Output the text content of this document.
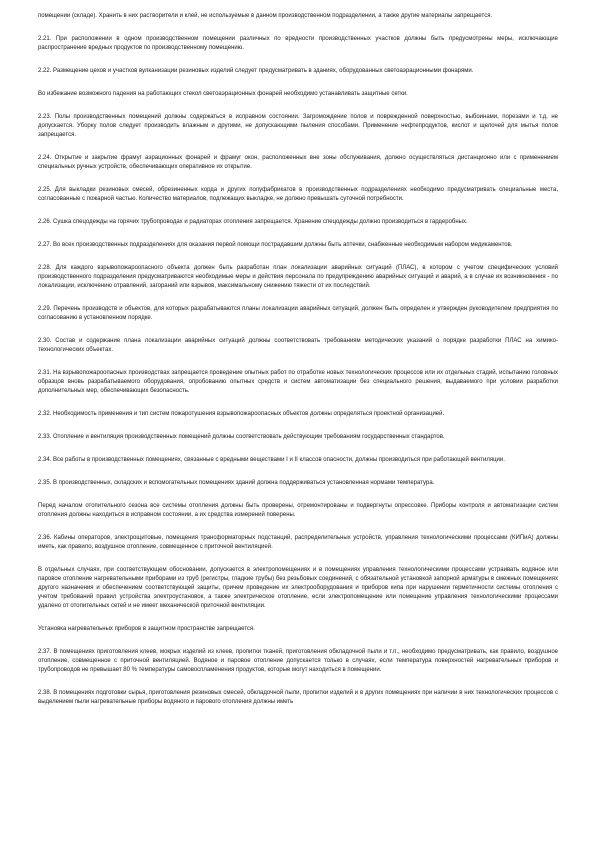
помещении (складе). Хранить в них растворители и клей, не используемые в данном производственном подразделении, а также другие материалы запрещается.

2.21. При расположении в одном производственном помещении различных по вредности производственных участков должны быть предусмотрены меры, исключающие распространение вредных продуктов по производственному помещению.

2.22. Размещение цехов и участков вулканизации резиновых изделий следует предусматривать в зданиях, оборудованных светоаэрационными фонарями.

Во избежание возможного падения на работающих стекол светоаэрационных фонарей необходимо устанавливать защитные сетки.

2.23. Полы производственных помещений должны содержаться в исправном состоянии. Загромождение полов и поврежденной поверхностью, выбоинами, порезами и т.д. не допускается. Уборку полов следует производить влажным и другими, не допускающими пыления способами. Применение нефтепродуктов, кислот и щелочей для мытья полов запрещается.

2.24. Открытие и закрытие фрамуг аэрационных фонарей и фрамуг окон, расположенных вне зоны обслуживания, должно осуществляться дистанционно или с применением специальных ручных устройств, обеспечивающих оперативное их открытие.

2.25. Для выкладки резиновых смесей, обрезиненных корда и других полуфабрикатов в производственных подразделениях необходимо предусматривать специальные места, согласованные с пожарной частью. Количество материалов, подлежащих выкладке, не должно превышать суточной потребности.

2.26. Сушка спецодежды на горячих трубопроводах и радиаторах отопления запрещается. Хранение спецодежды должно производиться в гардеробных.

2.27. Во всех производственных подразделениях для оказания первой помощи пострадавшим должны быть аптечки, снабженные необходимым набором медикаментов.

2.28. Для каждого взрывопожароопасного объекта должен быть разработан план локализации аварийных ситуаций (ПЛАС), в котором с учетом специфических условий производственного подразделения предусматриваются необходимые меры и действия персонала по предупреждению аварийных ситуаций и аварий, а в случае их возникновения - по локализации, исключению отравлений, загораний или взрывов, максимальному снижению тяжести от их последствий.

2.29. Перечень производств и объектов, для которых разрабатываются планы локализации аварийных ситуаций, должен быть определен и утвержден руководителем предприятия по согласованию в установленном порядке.

2.30. Состав и содержание плана локализации аварийных ситуаций должны соответствовать требованиям методических указаний о порядке разработки ПЛАС на химико-технологических объектах.

2.31. На взрывопожароопасных производствах запрещается проведение опытных работ по отработке новых технологических процессов или их отдельных стадий, испытанию головных образцов вновь разрабатываемого оборудования, опробованию опытных средств и систем автоматизации без специального решения, выдаваемого при условии разработки дополнительных мер, обеспечивающих безопасность.

2.32. Необходимость применения и тип систем пожаротушения взрывопожароопасных объектов должны определяться проектной организацией.

2.33. Отопление и вентиляция производственных помещений должны соответствовать действующим требованиям государственных стандартов.

2.34. Все работы в производственных помещениях, связанные с вредными веществами I и II классов опасности, должны производиться при работающей вентиляции.

2.35. В производственных, складских и вспомогательных помещениях зданий должна поддерживаться установленная нормами температура.

Перед началом отопительного сезона все системы отопления должны быть проверены, отремонтированы и подвергнуты опрессовке. Приборы контроля и автоматизации систем отопления должны находиться в исправном состоянии, а их средства измерений поверены.

2.36. Кабины операторов, электрощитовые, помещения трансформаторных подстанций, распределительных устройств, управления технологическими процессами (КИПиА) должны иметь, как правило, воздушное отопление, совмещенное с приточной вентиляцией.

В отдельных случаях, при соответствующем обосновании, допускается в электропомещениях и в помещениях управления технологическими процессами устраивать водяное или паровое отопление нагревательными приборами из труб (регистры, гладкие трубы) без резьбовых соединений, с обязательной установкой запорной арматуры в смежных помещениях другого назначения и обеспечением соответствующей защиты, причем проведение их электрооборудования и приборов кипа при нарушении герметичности системы отопления с учетом требований правил устройства электроустановок, а также электрическое отопление, если электропомещение или помещение управления технологическими процессами удалено от отопительных сетей и не имеет механической приточной вентиляции.

Установка нагревательных приборов в защитном пространстве запрещается.

2.37. В помещениях приготовления клеев, мокрых изделий из клеев, пропитки тканей, приготовления обкладочной пыли и т.п., необходимо предусматривать, как правило, воздушное отопление, совмещенное с приточной вентиляцией. Водяное и паровое отопление допускается только в случаях, если температура поверхностей нагревательных приборов и трубопроводов не превышает 80 % температуры самовоспламенения продуктов, которые могут находиться в помещении.

2.38. В помещениях подготовки сырья, приготовления резиновых смесей, обкладочной пыли, пропитки изделий и в других помещениях при наличии в них технологических процессов с выделением пыли нагревательные приборы водяного и парового отопления должны иметь
